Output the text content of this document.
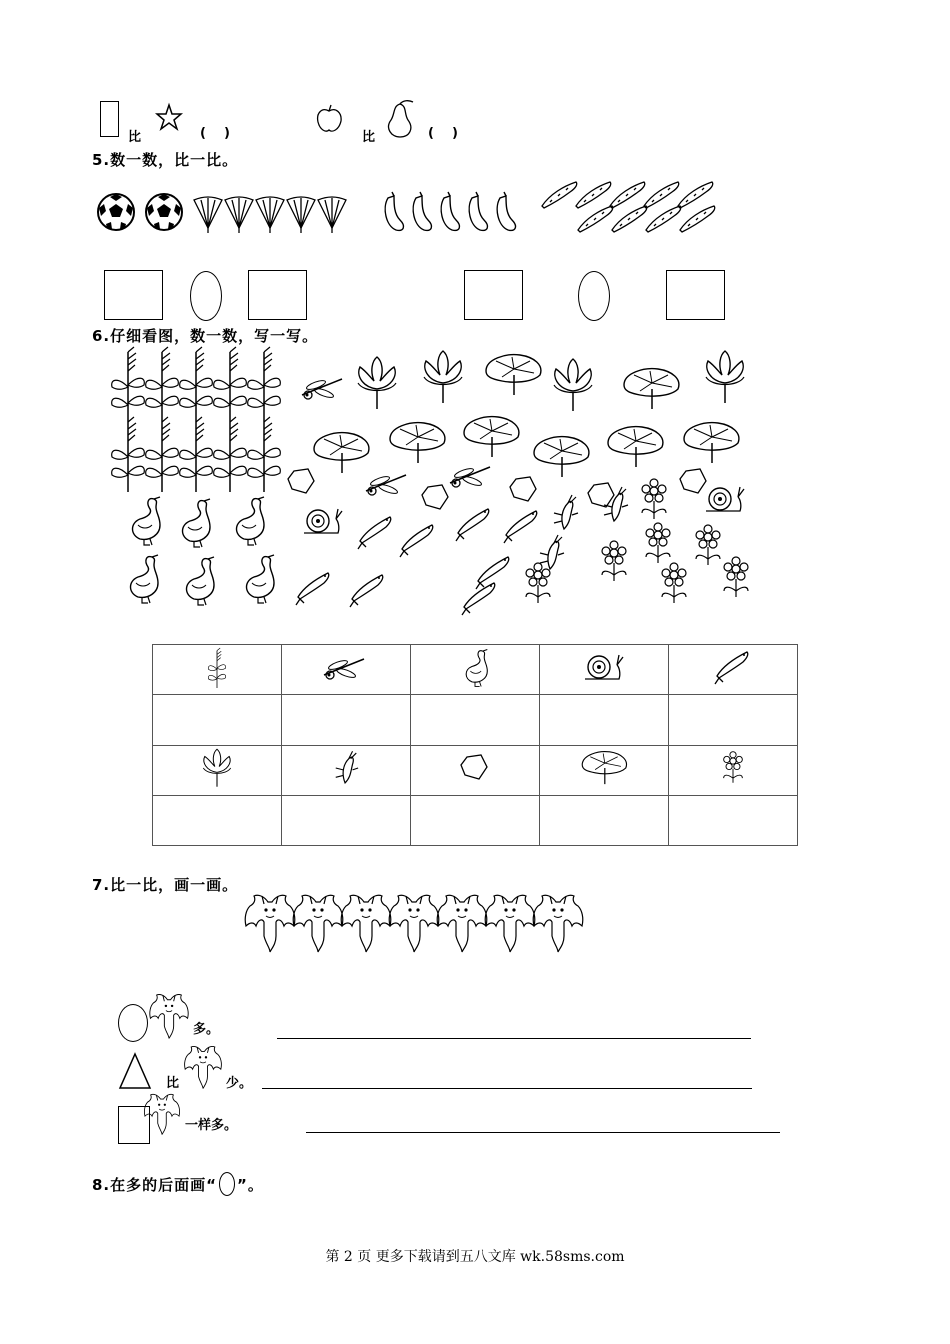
比	(    )	比	(    )
5.数一数，比一比。
6.仔细看图，数一数，写一写。

7.比一比，画一画。
多。
比	少。
一样多。
8.在多的后面画“ ”。
第 2 页 更多下载请到五八文库 wk.58sms.com
